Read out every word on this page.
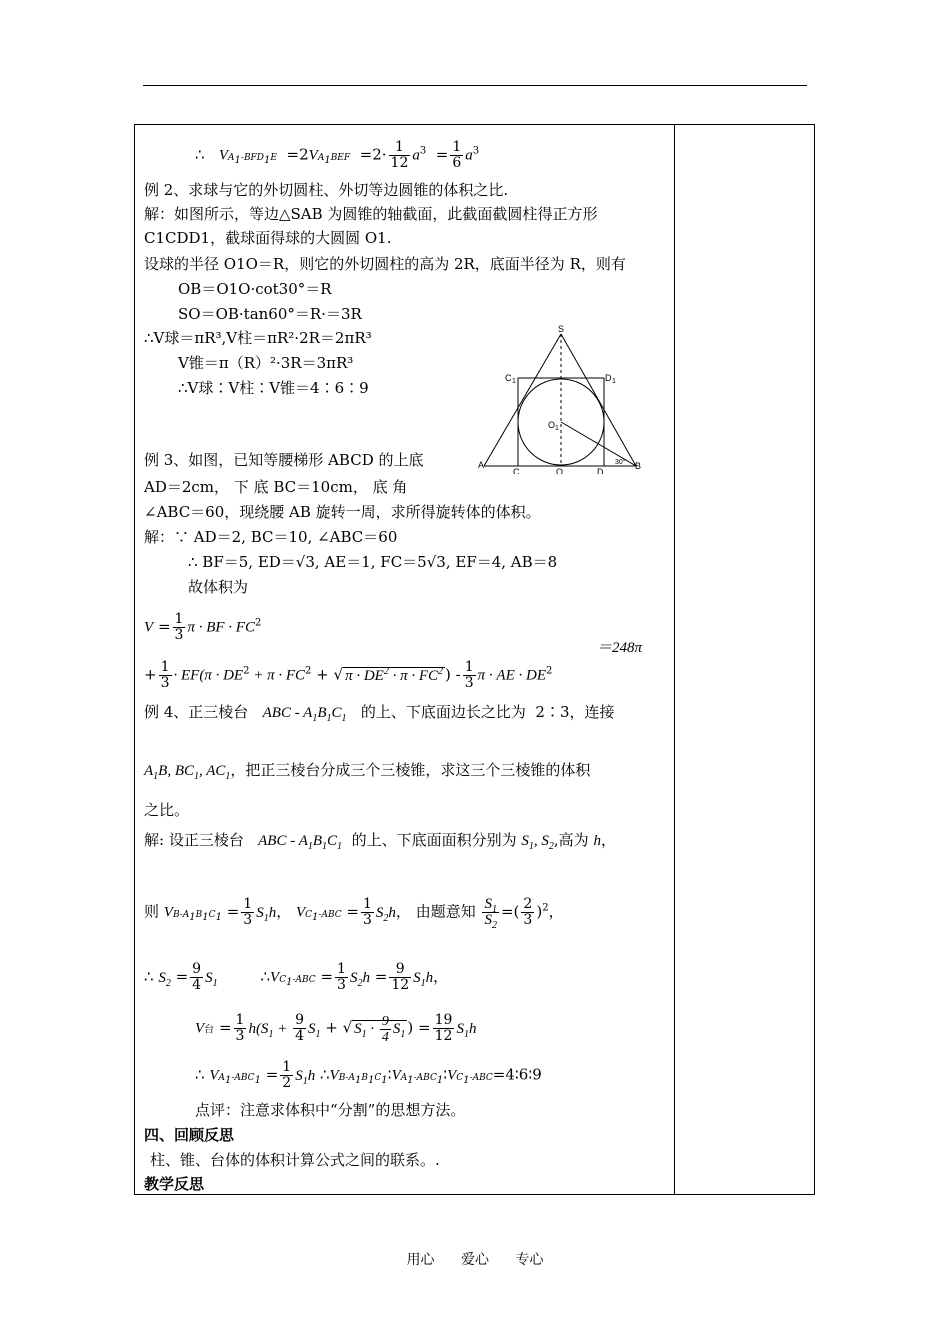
∴   $VA_1-BFD_1E =2VA_1BEF =2\cdot \frac{1}{12} a^3 = \frac{1}{6} a^3$
例 2、求球与它的外切圆柱、外切等边圆锥的体积之比.
解：如图所示，等边△SAB 为圆锥的轴截面，此截面截圆柱得正方形
C1CDD1，截球面得球的大圆圆 O1.
设球的半径 O1O＝R，则它的外切圆柱的高为 2R，底面半径为 R，则有
OB＝O1O·cot30°＝R
SO＝OB·tan60°＝R·＝3R
∴V球＝πR³,V柱＝πR²·2R＝2πR³
V锥＝π（R）²·3R＝3πR³
∴V球∶V柱∶V锥＝4∶6∶9
S
C 1	D 1
O 1
A
C	O	D
B
30°
例 3、如图，已知等腰梯形 ABCD 的上底
AD＝2cm， 下 底 BC＝10cm， 底 角
∠ABC＝60，现绕腰 AB 旋转一周，求所得旋转体的体积。
解：∵ AD＝2, BC＝10, ∠ABC＝60
∴ BF＝5, ED＝√3, AE＝1, FC＝5√3, EF＝4, AB＝8
故体积为
$V = \frac{1}{3}$ π · BF · $FC^2$
+ $\frac{1}{3} \cdot EF(\pi \cdot DE^2 + \pi \cdot FC^2$ + √ $\pi \cdot DE^2 \cdot \pi \cdot FC^2$ ) - $\frac{1}{3}$ π · AE · $DE^2$
＝248π
例 4、正三棱台 ABC - $A_1B_1C_1$ 的上、下底面边长之比为 2∶3，连接
$A_1B$, $BC_1$, $AC_1$，把正三棱台分成三个三棱锥，求这三个三棱锥的体积
之比。
解: 设正三棱台 ABC - $A_1B_1C_1$ 的上、下底面面积分别为 $S_1$, $S_2$,高为 h，
则 $VB-A_1B_1C_1 = \frac{1}{3} S_1h$， $VC_1$-ABC = $\frac{1}{3} S_2h$， 由题意知 $\frac{S_1}{S_2}$ =( $\frac{2}{3} )^2$，
∴ $S_2 = \frac{9}{4} S_1$         $\therefore VC_1$-ABC = $\frac{1}{3} S_2h = \frac{9}{12} S_1h$，
V台 = $\frac{1}{3} h(S_1 + \frac{9}{4} S_1$ + √ $S_1 \cdot \frac{9}{4} S_1$ ) = $\frac{19}{12} S_1h$
∴ $VA_1-ABC_1 = \frac{1}{2} S_1h$ $\therefore VB-A_1B_1C_1∶VA_1-ABC_1∶VC_1-ABC=4∶6∶9$
点评：注意求体积中“分割”的思想方法。
四、回顾反思
柱、锥、台体的体积计算公式之间的联系。.
教学反思
用心 爱心 专心
